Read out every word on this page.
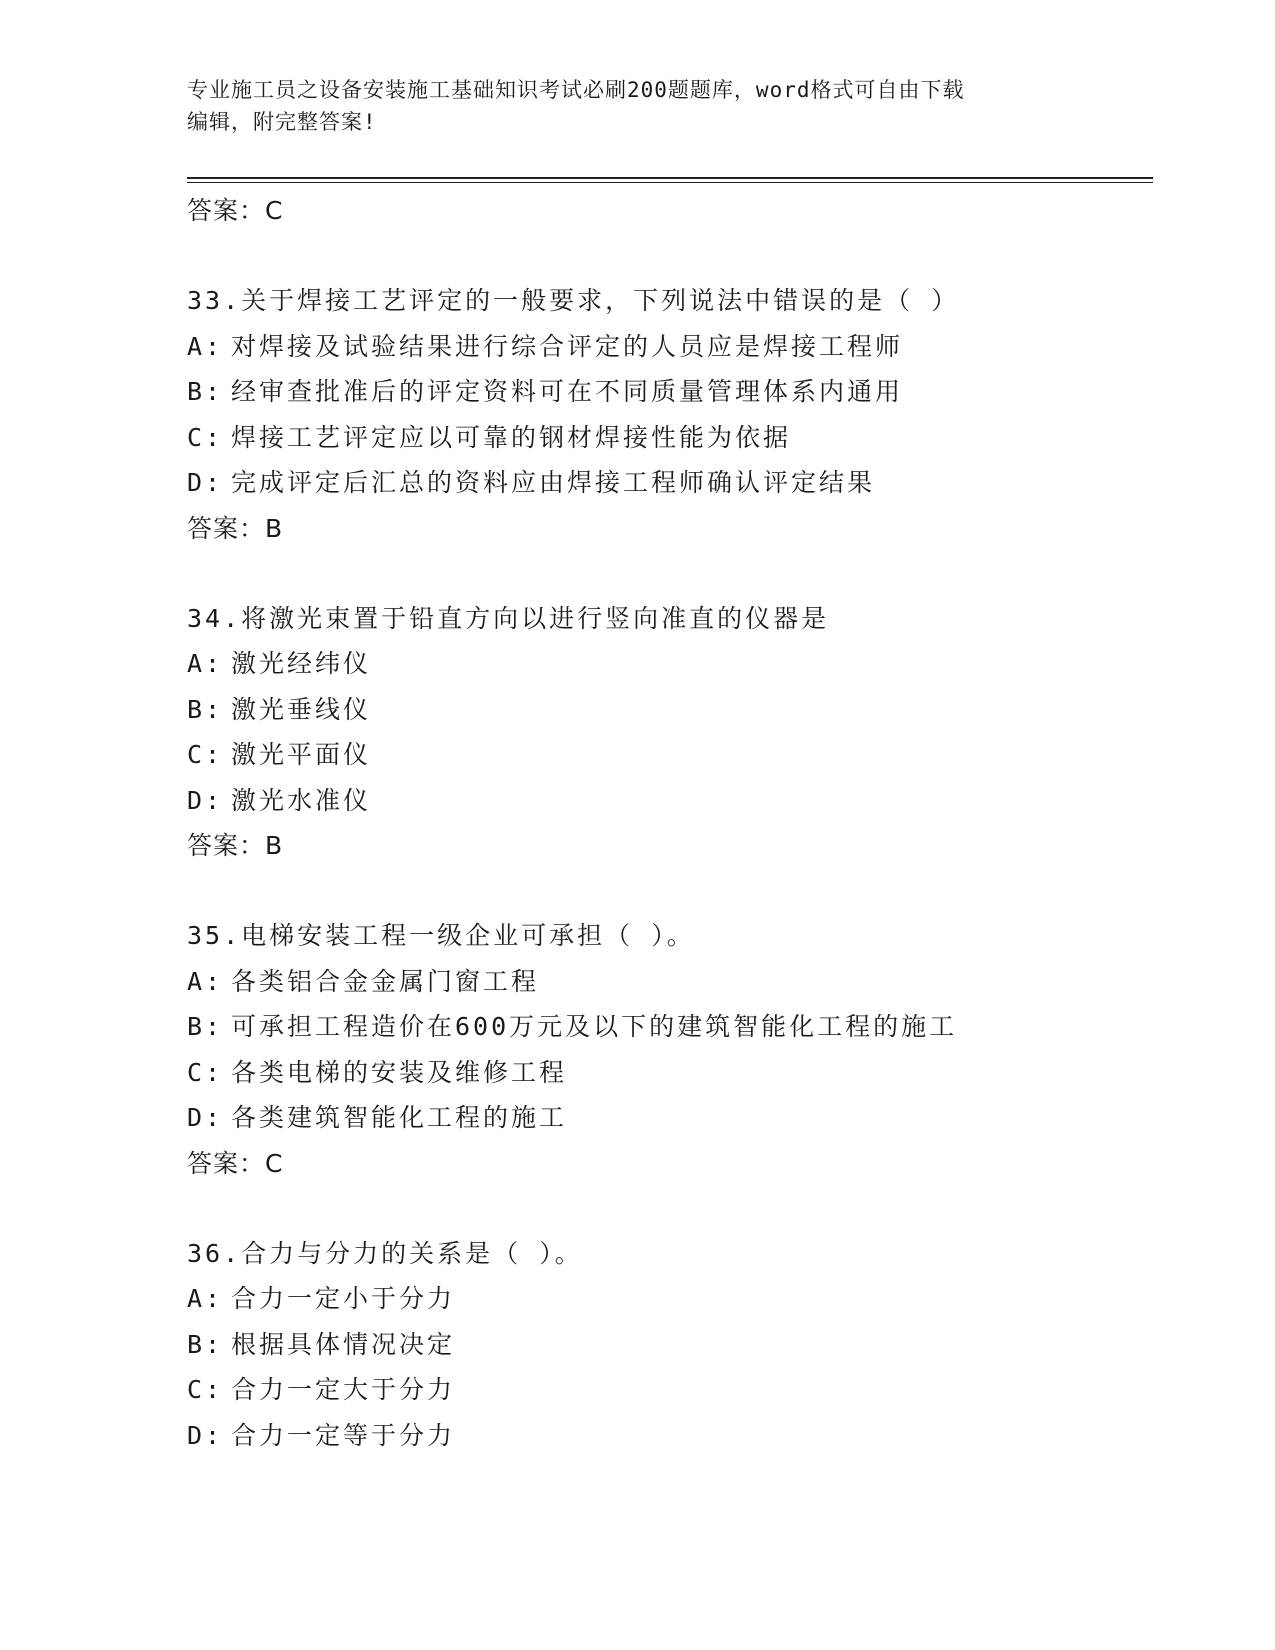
专业施工员之设备安装施工基础知识考试必刷200题题库，word格式可自由下载
编辑，附完整答案!
答案：C
33.关于焊接工艺评定的一般要求，下列说法中错误的是（ ）
A: 对焊接及试验结果进行综合评定的人员应是焊接工程师
B: 经审查批准后的评定资料可在不同质量管理体系内通用
C: 焊接工艺评定应以可靠的钢材焊接性能为依据
D: 完成评定后汇总的资料应由焊接工程师确认评定结果
答案：B
34.将激光束置于铅直方向以进行竖向准直的仪器是
A: 激光经纬仪
B: 激光垂线仪
C: 激光平面仪
D: 激光水准仪
答案：B
35.电梯安装工程一级企业可承担（ ）。
A: 各类铝合金金属门窗工程
B: 可承担工程造价在600万元及以下的建筑智能化工程的施工
C: 各类电梯的安装及维修工程
D: 各类建筑智能化工程的施工
答案：C
36.合力与分力的关系是（ ）。
A: 合力一定小于分力
B: 根据具体情况决定
C: 合力一定大于分力
D: 合力一定等于分力
